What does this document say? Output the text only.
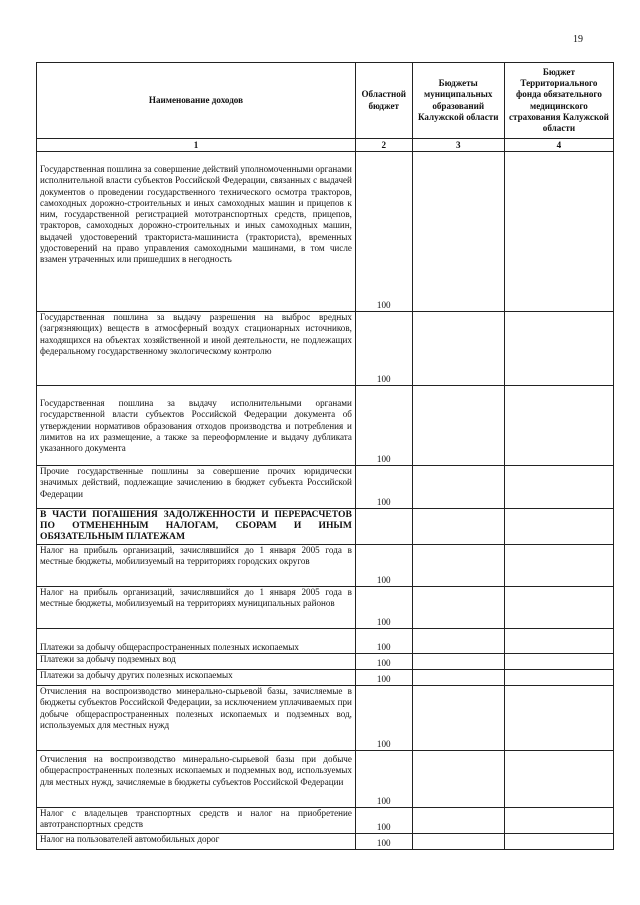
19
Наименование доходов	Областной бюджет	Бюджеты муниципальных образований Калужской области	Бюджет Территориального фонда обязательного медицинского страхования Калужской области
1	2	3	4
Государственная пошлина за совершение действий уполномоченными органами исполнительной власти субъектов Российской Федерации, связанных с выдачей документов о проведении государственного технического осмотра тракторов, самоходных дорожно-строительных и иных самоходных машин и прицепов к ним, государственной регистрацией мототранспортных средств, прицепов, тракторов, самоходных дорожно-строительных и иных самоходных машин, выдачей удостоверений тракториста-машиниста (тракториста), временных удостоверений на право управления самоходными машинами, в том числе взамен утраченных или пришедших в негодность	100		
Государственная пошлина за выдачу разрешения на выброс вредных (загрязняющих) веществ в атмосферный воздух стационарных источников, находящихся на объектах хозяйственной и иной деятельности, не подлежащих федеральному государственному экологическому контролю	100		
Государственная пошлина за выдачу исполнительными органами государственной власти субъектов Российской Федерации документа об утверждении нормативов образования отходов производства и потребления и лимитов на их размещение, а также за переоформление и выдачу дубликата указанного документа	100		
Прочие государственные пошлины за совершение прочих юридически значимых действий, подлежащие зачислению в бюджет субъекта Российской Федерации	100		
В ЧАСТИ ПОГАШЕНИЯ ЗАДОЛЖЕННОСТИ И ПЕРЕРАСЧЕТОВ ПО ОТМЕНЕННЫМ НАЛОГАМ, СБОРАМ И ИНЫМ ОБЯЗАТЕЛЬНЫМ ПЛАТЕЖАМ			
Налог на прибыль организаций, зачислявшийся до 1 января 2005 года в местные бюджеты, мобилизуемый на территориях городских округов	100		
Налог на прибыль организаций, зачислявшийся до 1 января 2005 года в местные бюджеты, мобилизуемый на территориях муниципальных районов	100		
Платежи за добычу общераспространенных полезных ископаемых	100		
Платежи за добычу подземных вод	100		
Платежи за добычу других полезных ископаемых	100		
Отчисления на воспроизводство минерально-сырьевой базы, зачисляемые в бюджеты субъектов Российской Федерации, за исключением уплачиваемых при добыче общераспространенных полезных ископаемых и подземных вод, используемых для местных нужд	100		
Отчисления на воспроизводство минерально-сырьевой базы при добыче общераспространенных полезных ископаемых и подземных вод, используемых для местных нужд, зачисляемые в бюджеты субъектов Российской Федерации	100		
Налог с владельцев транспортных средств и налог на приобретение автотранспортных средств	100		
Налог на пользователей автомобильных дорог	100		
